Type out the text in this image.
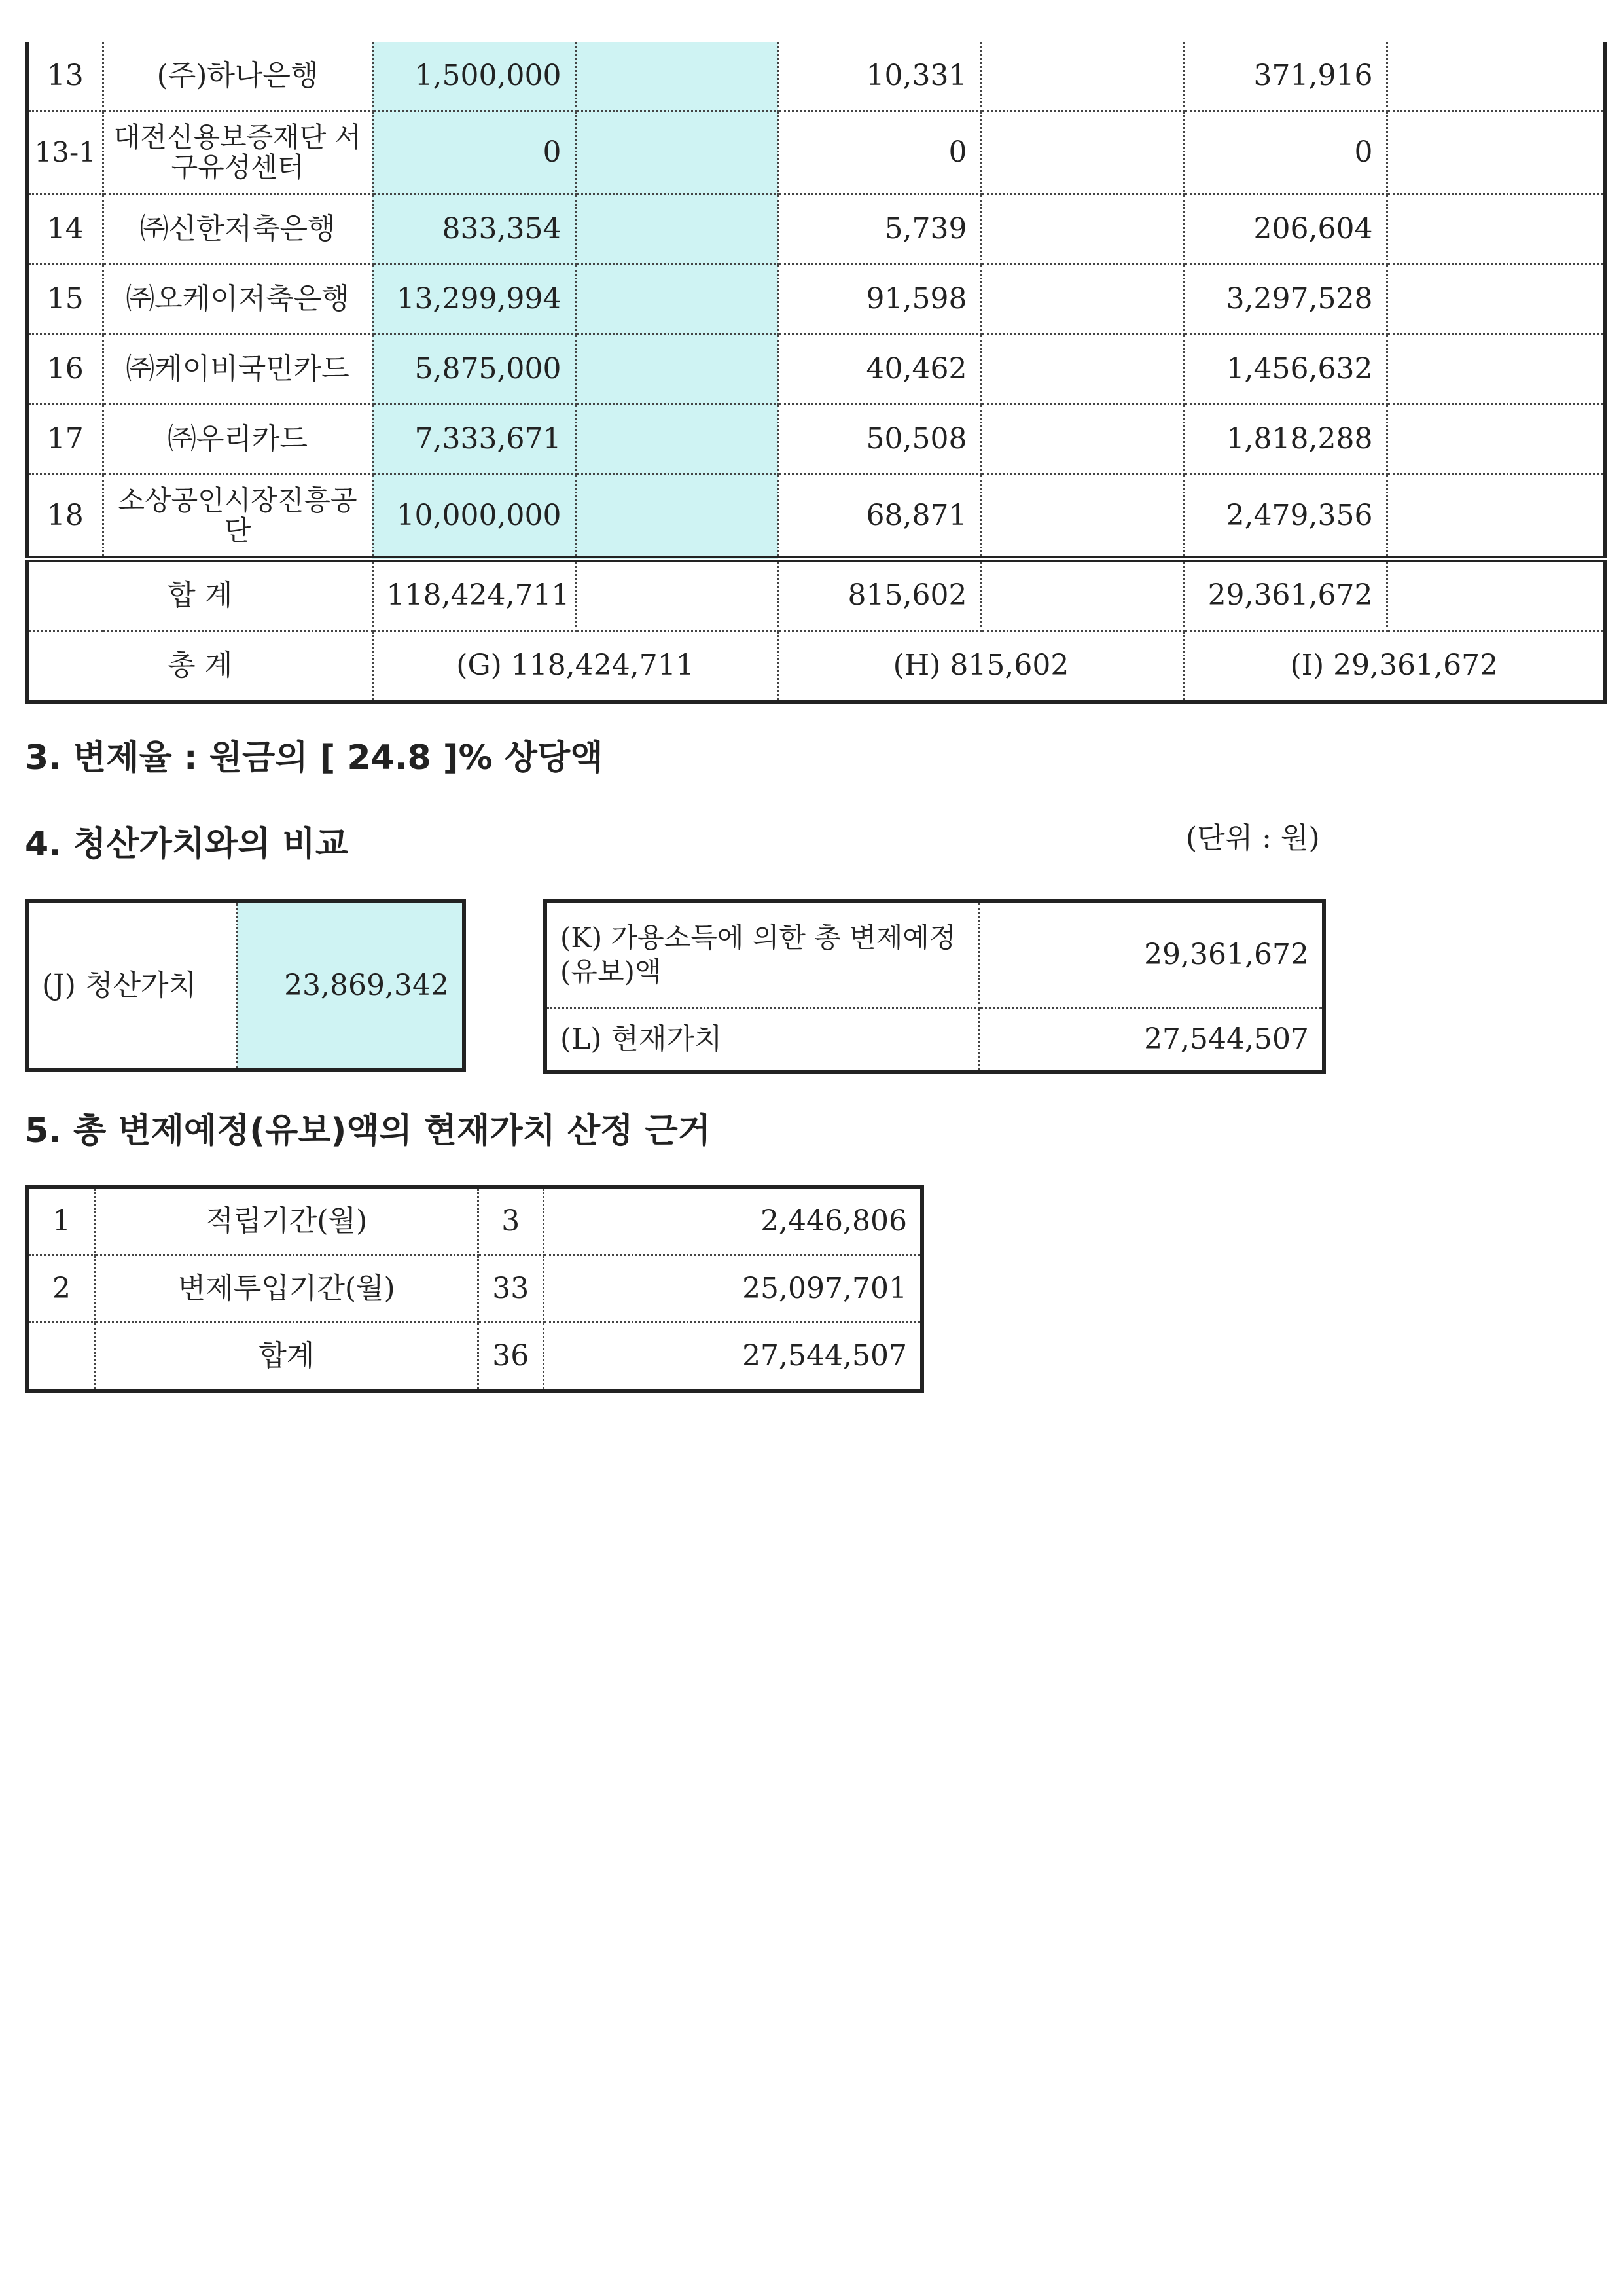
13	(주)하나은행	1,500,000		10,331		371,916	
13-1	대전신용보증재단 서구유성센터	0		0		0	
14	㈜신한저축은행	833,354		5,739		206,604	
15	㈜오케이저축은행	13,299,994		91,598		3,297,528	
16	㈜케이비국민카드	5,875,000		40,462		1,456,632	
17	㈜우리카드	7,333,671		50,508		1,818,288	
18	소상공인시장진흥공단	10,000,000		68,871		2,479,356	
합 계		118,424,711		815,602		29,361,672	
총 계		(G) 118,424,711		(H) 815,602		(I) 29,361,672	
3. 변제율 : 원금의 [ 24.8 ]% 상당액
4. 청산가치와의 비교	(단위 : 원)
(J) 청산가치	23,869,342
(K) 가용소득에 의한 총 변제예정(유보)액	29,361,672
(L) 현재가치	27,544,507
5. 총 변제예정(유보)액의 현재가치 산정 근거
1	적립기간(월)	3	2,446,806
2	변제투입기간(월)	33	25,097,701
	합계	36	27,544,507
